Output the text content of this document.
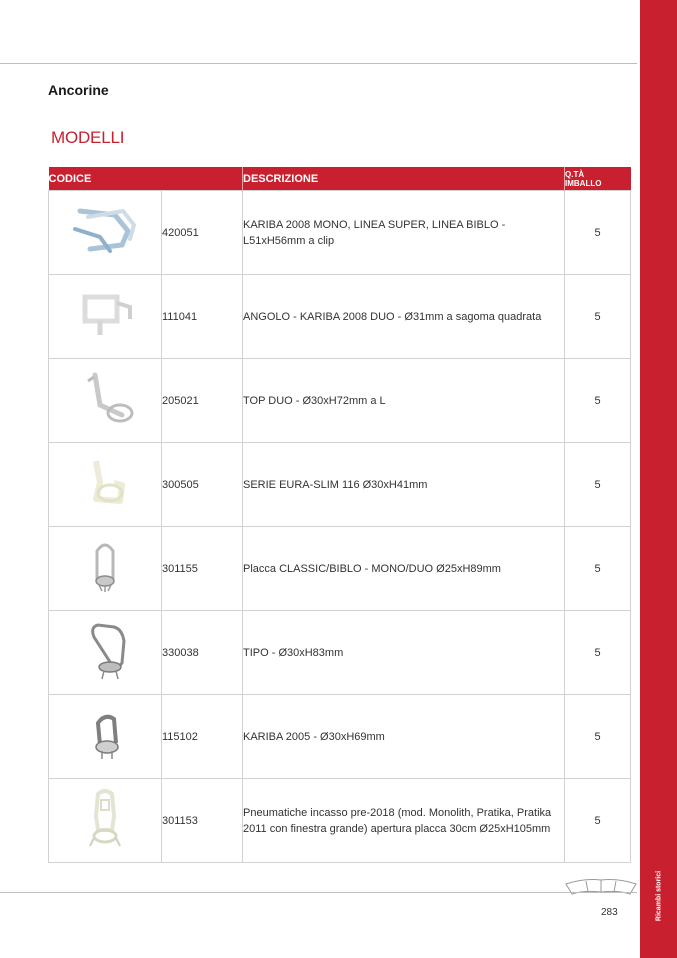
Ricambi storici
Ancorine
MODELLI
CODICE		DESCRIZIONE	Q.TÀ
IMBALLO

	420051	KARIBA 2008 MONO, LINEA SUPER, LINEA BIBLO - L51xH56mm a clip	5
	111041	ANGOLO - KARIBA 2008 DUO - Ø31mm a sagoma quadrata	5
	205021	TOP DUO - Ø30xH72mm a L	5
	300505	SERIE EURA-SLIM 116 Ø30xH41mm	5
	301155	Placca CLASSIC/BIBLO - MONO/DUO Ø25xH89mm	5
	330038	TIPO - Ø30xH83mm	5
	115102	KARIBA 2005 - Ø30xH69mm	5
	301153	Pneumatiche incasso pre-2018 (mod. Monolith, Pratika, Pratika 2011 con finestra grande) apertura placca 30cm Ø25xH105mm	5
283
